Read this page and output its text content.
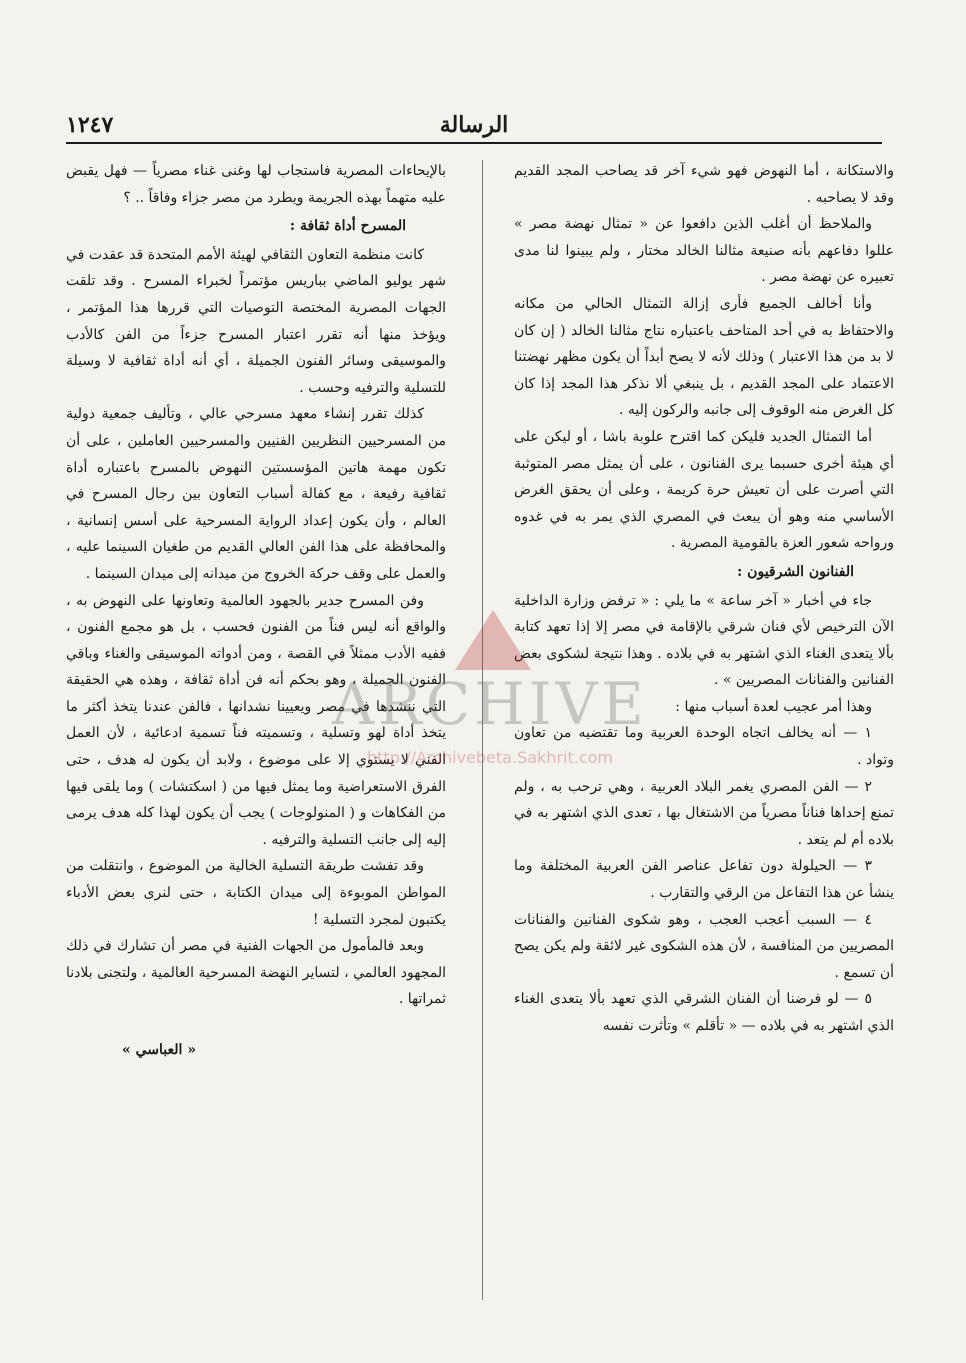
١٢٤٧	الرسالة

والاستكانة ، أما النهوض فهو شيء آخر قد يصاحب المجد القديم وقد لا يصاحبه .

والملاحظ أن أغلب الذين دافعوا عن « تمثال نهضة مصر » عللوا دفاعهم بأنه صنيعة مثالنا الخالد مختار ، ولم يبينوا لنا مدى تعبيره عن نهضة مصر .

وأنا أخالف الجميع فأرى إزالة التمثال الحالي من مكانه والاحتفاظ به في أحد المتاحف باعتباره نتاج مثالنا الخالد ( إن كان لا بد من هذا الاعتبار ) وذلك لأنه لا يصح أبداً أن يكون مظهر نهضتنا الاعتماد على المجد القديم ، بل ينبغي ألا نذكر هذا المجد إذا كان كل الغرض منه الوقوف إلى جانبه والركون إليه .

أما التمثال الجديد فليكن كما اقترح علوبة باشا ، أو ليكن على أي هيئة أخرى حسبما يرى الفنانون ، على أن يمثل مصر المتوثبة التي أصرت على أن تعيش حرة كريمة ، وعلى أن يحقق الغرض الأساسي منه وهو أن يبعث في المصري الذي يمر به في غدوه ورواحه شعور العزة بالقومية المصرية .

الفنانون الشرقيون :

جاء في أخبار « آخر ساعة » ما يلي : « ترفض وزارة الداخلية الآن الترخيص لأي فنان شرقي بالإقامة في مصر إلا إذا تعهد كتابة بألا يتعدى الغناء الذي اشتهر به في بلاده . وهذا نتيجة لشكوى بعض الفنانين والفنانات المصريين » .

وهذا أمر عجيب لعدة أسباب منها :

١ — أنه يخالف اتجاه الوحدة العربية وما تقتضيه من تعاون وتواد .

٢ — الفن المصري يغمر البلاد العربية ، وهي ترحب به ، ولم تمنع إحداها فناناً مصرياً من الاشتغال بها ، تعدى الذي اشتهر به في بلاده أم لم يتعد .

٣ — الحيلولة دون تفاعل عناصر الفن العربية المختلفة وما ينشأ عن هذا التفاعل من الرقي والتقارب .

٤ — السبب أعجب العجب ، وهو شكوى الفنانين والفنانات المصريين من المنافسة ، لأن هذه الشكوى غير لائقة ولم يكن يصح أن تسمع .

٥ — لو فرضنا أن الفنان الشرقي الذي تعهد بألا يتعدى الغناء الذي اشتهر به في بلاده — « تأقلم » وتأثرت نفسه

بالإيحاءات المصرية فاستجاب لها وغنى غناء مصرياً — فهل يقبض عليه متهماً بهذه الجريمة ويطرد من مصر جزاء وفاقاً .. ؟

المسرح أداة ثقافة :

كانت منظمة التعاون الثقافي لهيئة الأمم المتحدة قد عقدت في شهر يوليو الماضي بباريس مؤتمراً لخبراء المسرح . وقد تلقت الجهات المصرية المختصة التوصيات التي قررها هذا المؤتمر ، ويؤخذ منها أنه تقرر اعتبار المسرح جزءاً من الفن كالأدب والموسيقى وسائر الفنون الجميلة ، أي أنه أداة ثقافية لا وسيلة للتسلية والترفيه وحسب .

كذلك تقرر إنشاء معهد مسرحي عالي ، وتأليف جمعية دولية من المسرحيين النظريين الفنيين والمسرحيين العاملين ، على أن تكون مهمة هاتين المؤسستين النهوض بالمسرح باعتباره أداة ثقافية رفيعة ، مع كفالة أسباب التعاون بين رجال المسرح في العالم ، وأن يكون إعداد الرواية المسرحية على أسس إنسانية ، والمحافظة على هذا الفن العالي القديم من طغيان السينما عليه ، والعمل على وقف حركة الخروج من ميدانه إلى ميدان السينما .

وفن المسرح جدير بالجهود العالمية وتعاونها على النهوض به ، والواقع أنه ليس فناً من الفنون فحسب ، بل هو مجمع الفنون ، ففيه الأدب ممثلاً في القصة ، ومن أدواته الموسيقى والغناء وباقي الفنون الجميلة ، وهو بحكم أنه فن أداة ثقافة ، وهذه هي الحقيقة التي ننشدها في مصر ويعيينا نشدانها ، فالفن عندنا يتخذ أكثر ما يتخذ أداة لهو وتسلية ، وتسميته فناً تسمية ادعائية ، لأن العمل الفني لا يستوي إلا على موضوع ، ولابد أن يكون له هدف ، حتى الفرق الاستعراضية وما يمثل فيها من ( اسكتشات ) وما يلقى فيها من الفكاهات و ( المنولوجات ) يجب أن يكون لهذا كله هدف يرمى إليه إلى جانب التسلية والترفيه .

وقد تفشت طريقة التسلية الخالية من الموضوع ، وانتقلت من المواطن الموبوءة إلى ميدان الكتابة ، حتى لنرى بعض الأدباء يكتبون لمجرد التسلية !

وبعد فالمأمول من الجهات الفنية في مصر أن تشارك في ذلك المجهود العالمي ، لتساير النهضة المسرحية العالمية ، ولتجنى بلادنا ثمراتها .

« العباسي »

ARCHIVE
http://Archivebeta.Sakhrit.com
